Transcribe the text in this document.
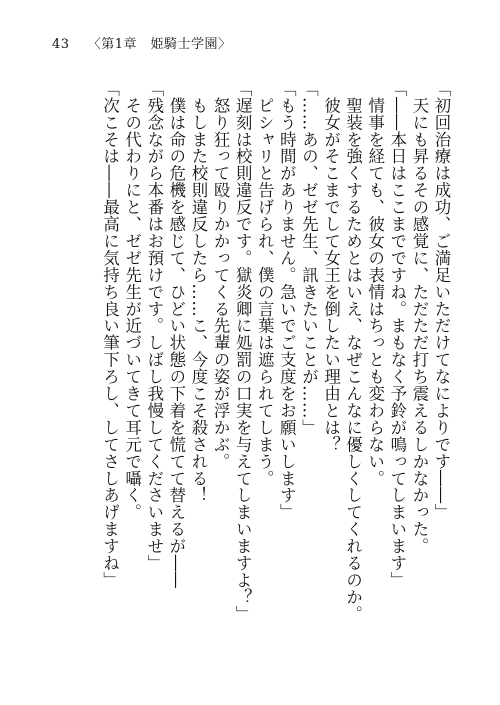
43 〈第1章　姫騎士学園〉
「初回治療は成功、ご満足いただけてなによりです――」
　天にも昇るその感覚に、ただただ打ち震えるしかなかった。
「――本日はここまでですね。まもなく予鈴が鳴ってしまいます」
　情事を経ても、彼女の表情はちっとも変わらない。
　聖装を強くするためとはいえ、なぜこんなに優しくしてくれるのか。
　彼女がそこまでして女王を倒したい理由とは？
「……あの、ゼゼ先生、訊きたいことが……」
「もう時間がありません。急いでご支度をお願いします」
　ピシャリと告げられ、僕の言葉は遮られてしまう。
「遅刻は校則違反です。獄炎卿に処罰の口実を与えてしまいますよ？」
　怒り狂って殴りかかってくる先輩の姿が浮かぶ。
　もしまた校則違反したら……こ、今度こそ殺される！
　僕は命の危機を感じて、ひどい状態の下着を慌てて替えるが――
「残念ながら本番はお預けです。しばし我慢してくださいませ」
　その代わりにと、ゼゼ先生が近づいてきて耳元で囁く。
「次こそは――最高に気持ち良い筆下ろし、してさしあげますね」
